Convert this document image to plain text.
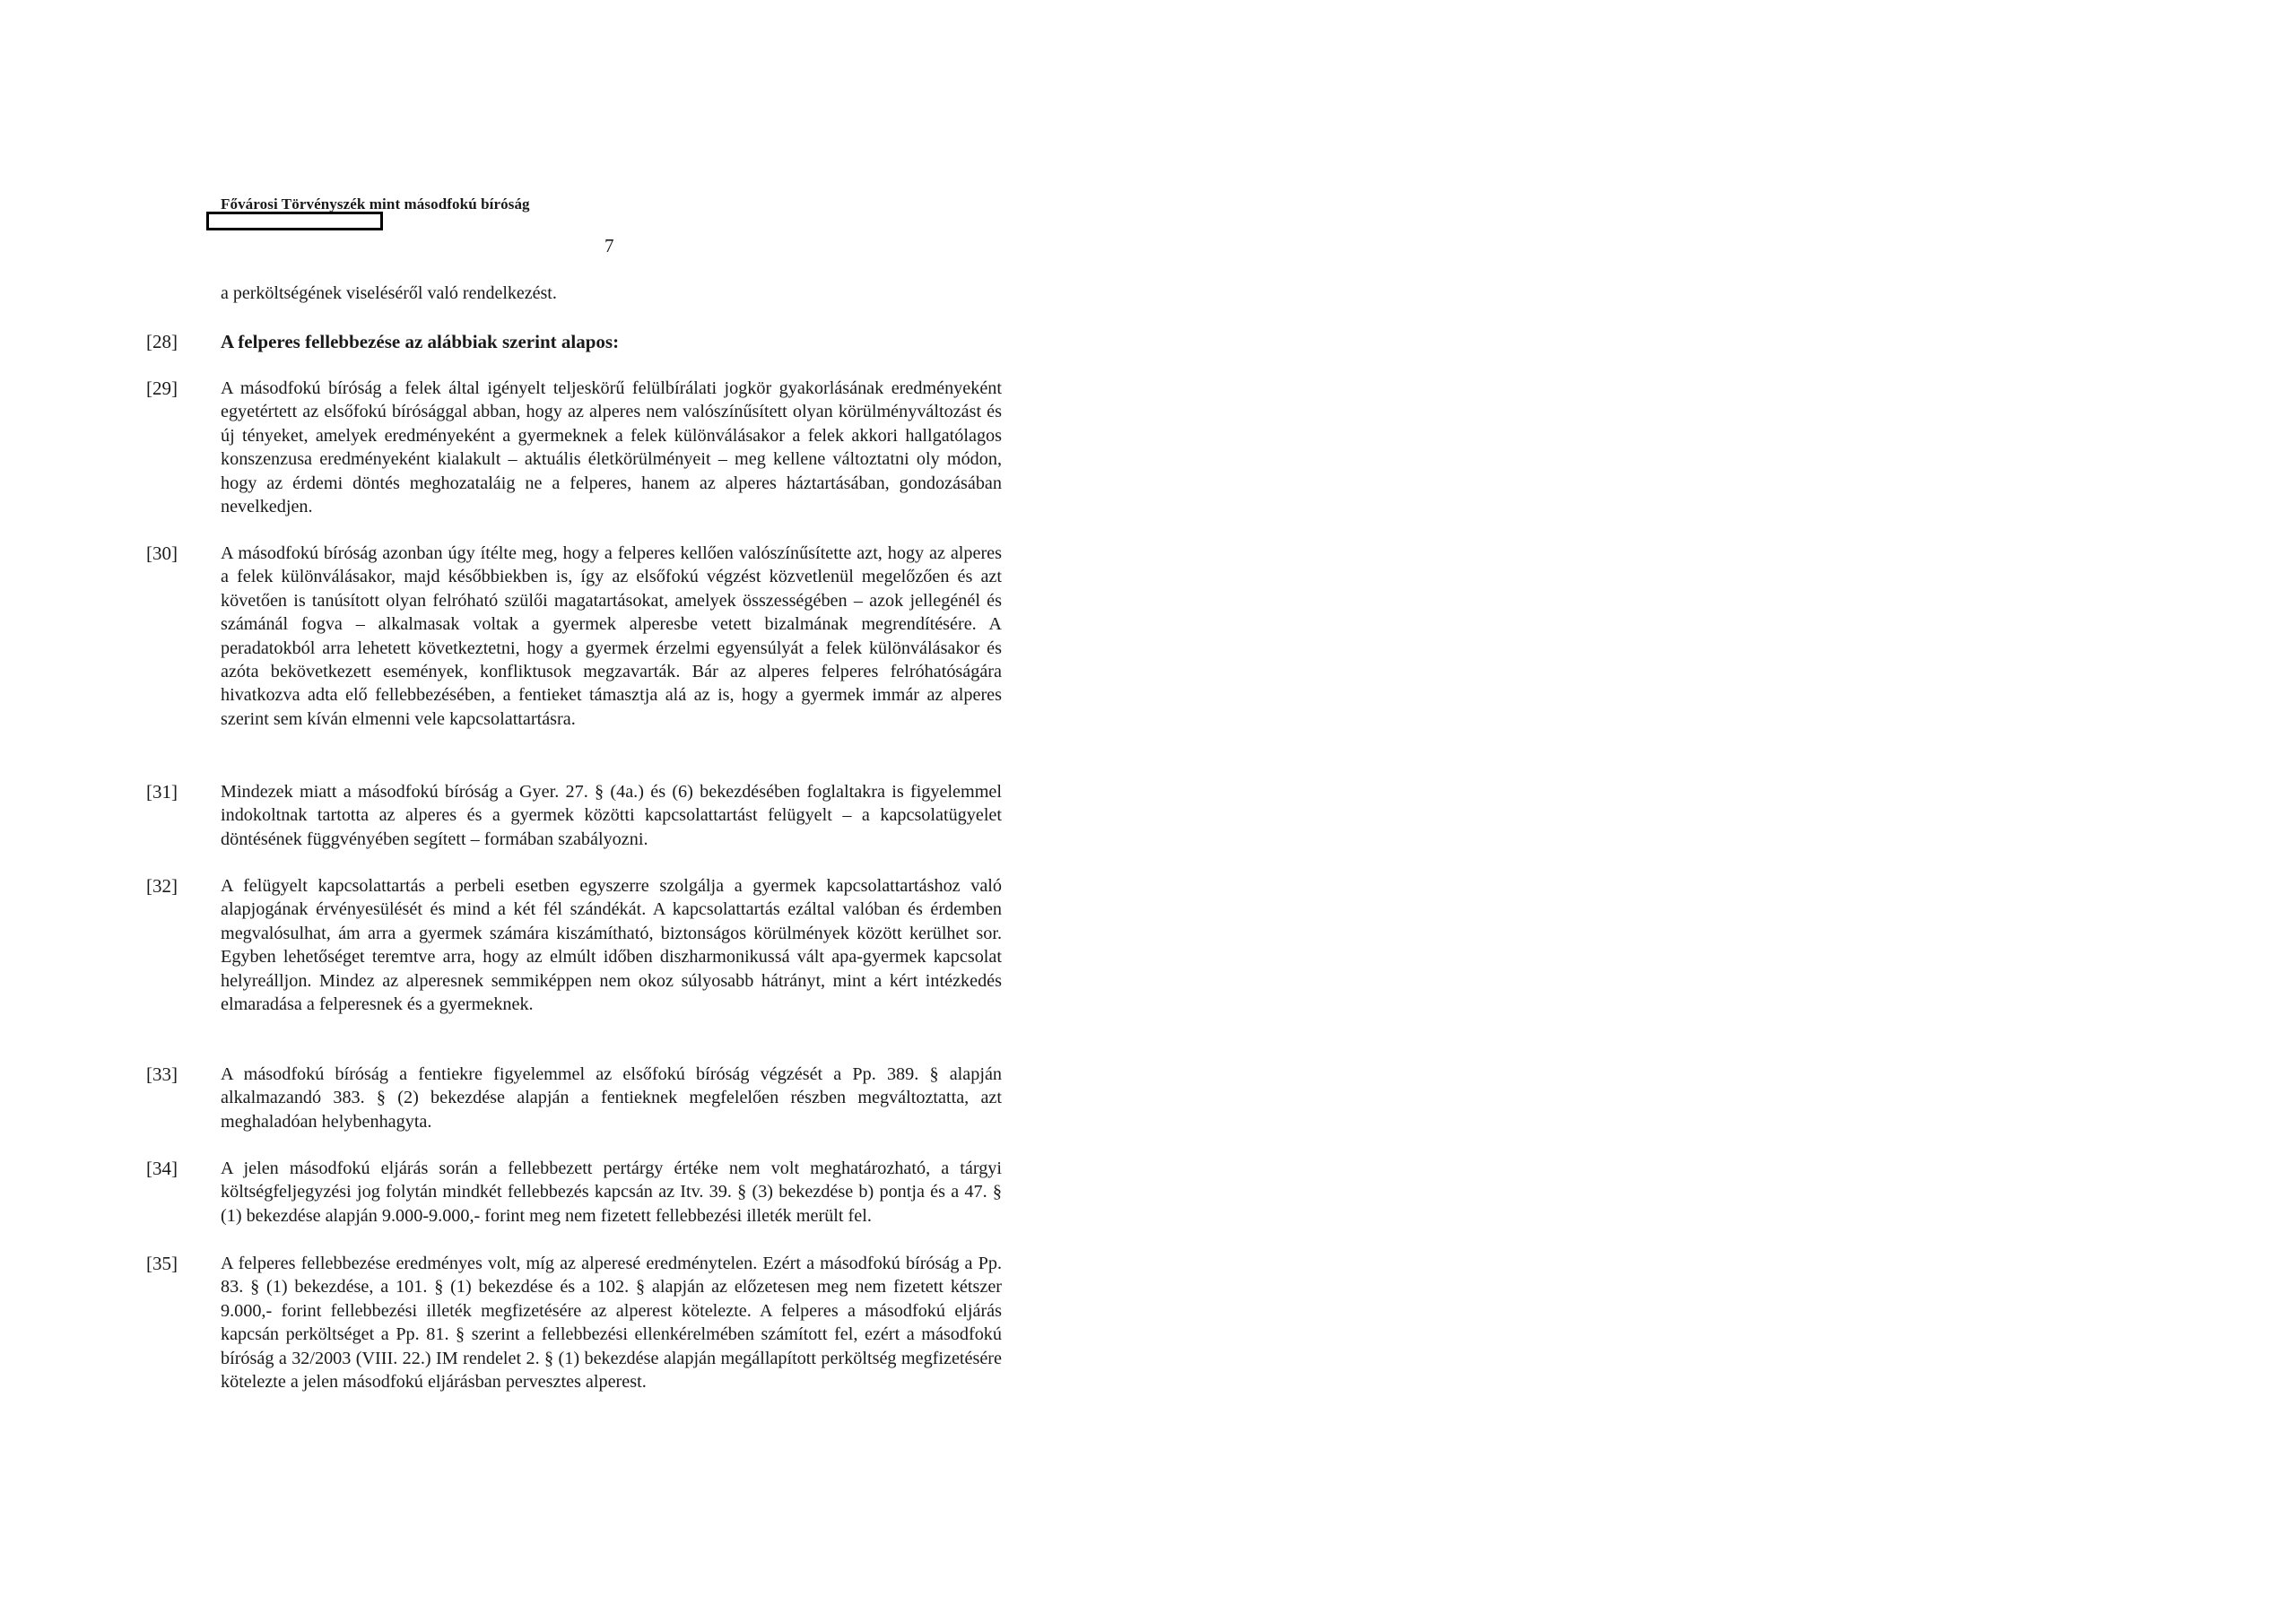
Fővárosi Törvényszék mint másodfokú bíróság
7
a perköltségének viseléséről való rendelkezést.
[28] A felperes fellebbezése az alábbiak szerint alapos:
[29] A másodfokú bíróság a felek által igényelt teljeskörű felülbírálati jogkör gyakorlásának eredményeként egyetértett az elsőfokú bírósággal abban, hogy az alperes nem valószínűsített olyan körülményváltozást és új tényeket, amelyek eredményeként a gyermeknek a felek különválásakor a felek akkori hallgatólagos konszenzusa eredményeként kialakult – aktuális életkörülményeit – meg kellene változtatni oly módon, hogy az érdemi döntés meghozataláig ne a felperes, hanem az alperes háztartásában, gondozásában nevelkedjen.
[30] A másodfokú bíróság azonban úgy ítélte meg, hogy a felperes kellően valószínűsítette azt, hogy az alperes a felek különválásakor, majd későbbiekben is, így az elsőfokú végzést közvetlenül megelőzően és azt követően is tanúsított olyan felróható szülői magatartásokat, amelyek összességében – azok jellegénél és számánál fogva – alkalmasak voltak a gyermek alperesbe vetett bizalmának megrendítésére. A peradatokból arra lehetett következtetni, hogy a gyermek érzelmi egyensúlyát a felek különválásakor és azóta bekövetkezett események, konfliktusok megzavarták. Bár az alperes felperes felróhatóságára hivatkozva adta elő fellebbezésében, a fentieket támasztja alá az is, hogy a gyermek immár az alperes szerint sem kíván elmenni vele kapcsolattartásra.
[31] Mindezek miatt a másodfokú bíróság a Gyer. 27. § (4a.) és (6) bekezdésében foglaltakra is figyelemmel indokoltnak tartotta az alperes és a gyermek közötti kapcsolattartást felügyelt – a kapcsolatügyelet döntésének függvényében segített – formában szabályozni.
[32] A felügyelt kapcsolattartás a perbeli esetben egyszerre szolgálja a gyermek kapcsolattartáshoz való alapjogának érvényesülését és mind a két fél szándékát. A kapcsolattartás ezáltal valóban és érdemben megvalósulhat, ám arra a gyermek számára kiszámítható, biztonságos körülmények között kerülhet sor. Egyben lehetőséget teremtve arra, hogy az elmúlt időben diszharmonikussá vált apa-gyermek kapcsolat helyreálljon. Mindez az alperesnek semmiképpen nem okoz súlyosabb hátrányt, mint a kért intézkedés elmaradása a felperesnek és a gyermeknek.
[33] A másodfokú bíróság a fentiekre figyelemmel az elsőfokú bíróság végzését a Pp. 389. § alapján alkalmazandó 383. § (2) bekezdése alapján a fentieknek megfelelően részben megváltoztatta, azt meghaladóan helybenhagyta.
[34] A jelen másodfokú eljárás során a fellebbezett pertárgy értéke nem volt meghatározható, a tárgyi költségfeljegyzési jog folytán mindkét fellebbezés kapcsán az Itv. 39. § (3) bekezdése b) pontja és a 47. § (1) bekezdése alapján 9.000-9.000,- forint meg nem fizetett fellebbezési illeték merült fel.
[35] A felperes fellebbezése eredményes volt, míg az alperesé eredménytelen. Ezért a másodfokú bíróság a Pp. 83. § (1) bekezdése, a 101. § (1) bekezdése és a 102. § alapján az előzetesen meg nem fizetett kétszer 9.000,- forint fellebbezési illeték megfizetésére az alperest kötelezte. A felperes a másodfokú eljárás kapcsán perköltséget a Pp. 81. § szerint a fellebbezési ellenkérelmében számított fel, ezért a másodfokú bíróság a 32/2003 (VIII. 22.) IM rendelet 2. § (1) bekezdése alapján megállapított perköltség megfizetésére kötelezte a jelen másodfokú eljárásban pervesztes alperest.
